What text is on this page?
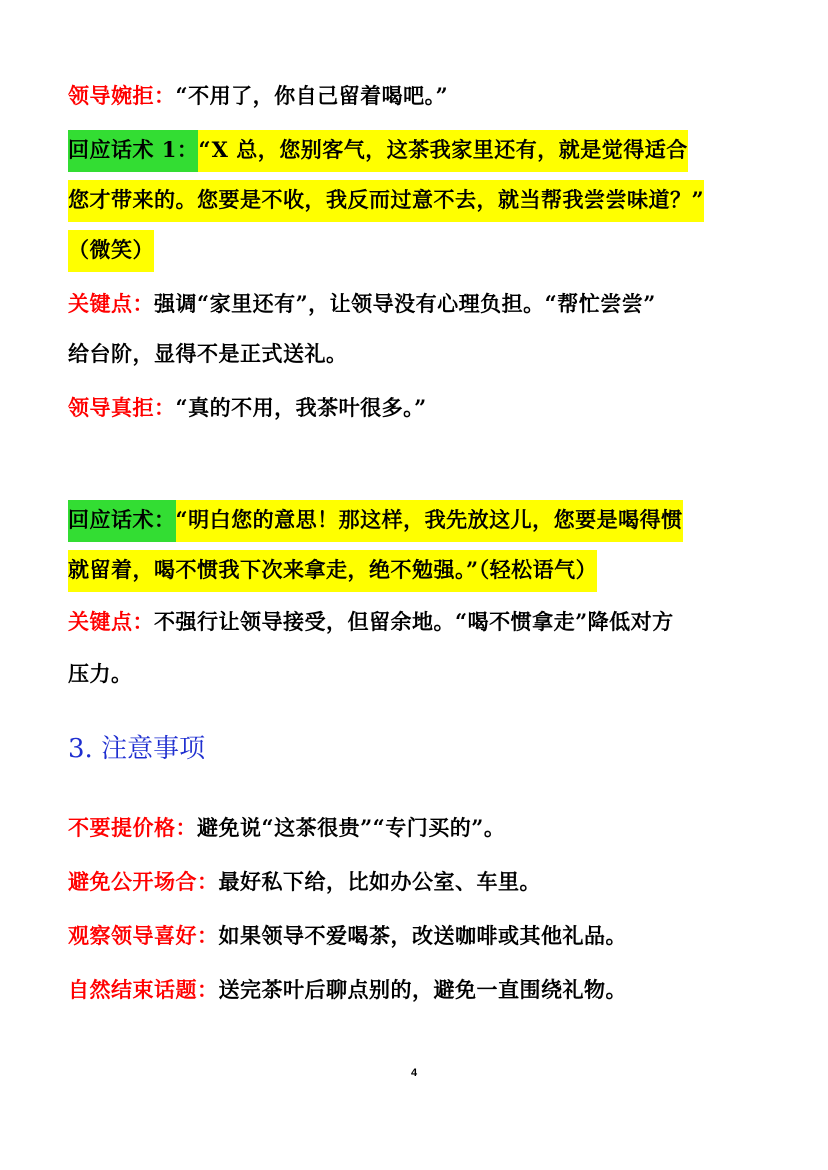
领导婉拒：“不用了，你自己留着喝吧。”
回应话术 1：“X 总，您别客气，这茶我家里还有，就是觉得适合
您才带来的。您要是不收，我反而过意不去，就当帮我尝尝味道？”
（微笑）
关键点：强调“家里还有”，让领导没有心理负担。“帮忙尝尝”
给台阶，显得不是正式送礼。
领导真拒：“真的不用，我茶叶很多。”
回应话术：“明白您的意思！那这样，我先放这儿，您要是喝得惯
就留着，喝不惯我下次来拿走，绝不勉强。”（轻松语气）
关键点：不强行让领导接受，但留余地。“喝不惯拿走”降低对方
压力。
3. 注意事项
不要提价格：避免说“这茶很贵”“专门买的”。
避免公开场合：最好私下给，比如办公室、车里。
观察领导喜好：如果领导不爱喝茶，改送咖啡或其他礼品。
自然结束话题：送完茶叶后聊点别的，避免一直围绕礼物。
4
